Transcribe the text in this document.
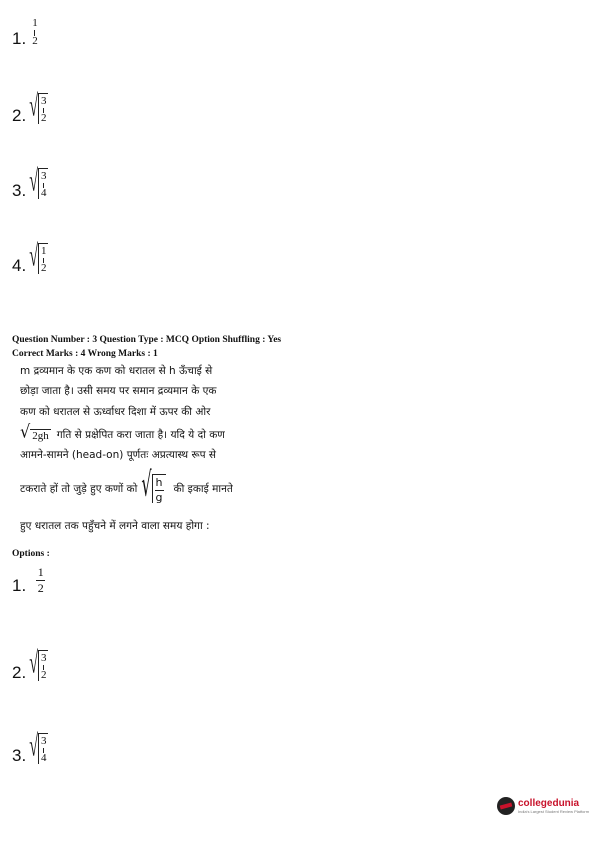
1.
1
2
2. √ 3
2
3. √ 3
4
4. √ 1
2
Question Number : 3 Question Type : MCQ Option Shuffling : Yes
Correct Marks : 4 Wrong Marks : 1
m द्रव्यमान के एक कण को धरातल से h ऊँचाई से
छोड़ा जाता है। उसी समय पर समान द्रव्यमान के एक
कण को धरातल से ऊर्ध्वाधर दिशा में ऊपर की ओर
√ 2gh गति से प्रक्षेपित करा जाता है। यदि ये दो कण
आमने-सामने (head-on) पूर्णतः अप्रत्यास्थ रूप से
टकराते हों तो जुड़े हुए कणों को √ h
g
की इकाई मानते
हुए धरातल तक पहुँचने में लगने वाला समय होगा :
Options :
1. $\frac{1}{2}$
2. √ 3
2
3. √ 3
4
collegedunia
India's Largest Student Review Platform
